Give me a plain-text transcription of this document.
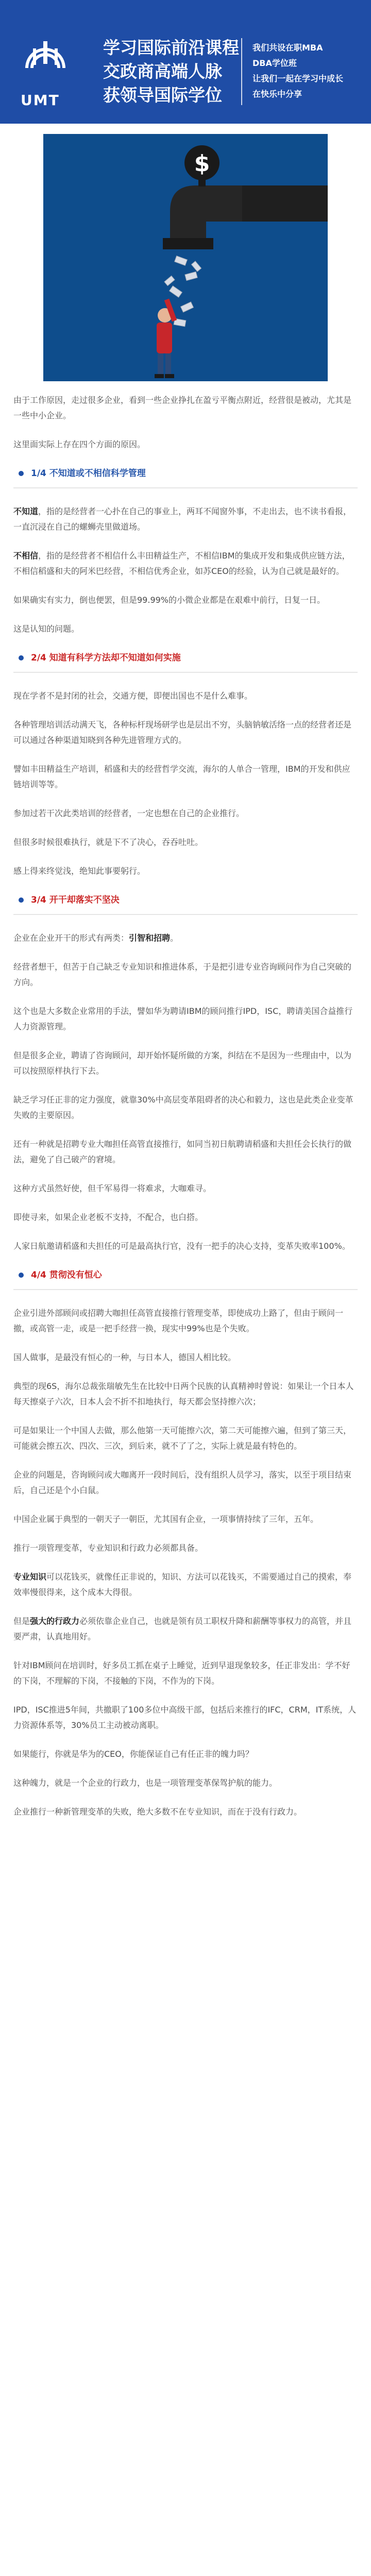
UMT
学习国际前沿课程
交政商高端人脉
获领导国际学位
我们共设在职MBA
DBA学位班
让我们一起在学习中成长
在快乐中分享
$

由于工作原因，走过很多企业，看到一些企业挣扎在盈亏平衡点附近，经营很是被动，尤其是一些中小企业。

这里面实际上存在四个方面的原因。

1/4 不知道或不相信科学管理

不知道，指的是经营者一心扑在自己的事业上，两耳不闻窗外事，不走出去，也不读书看报，一直沉浸在自己的螺蛳壳里做道场。

不相信，指的是经营者不相信什么丰田精益生产，不相信IBM的集成开发和集成供应链方法，不相信稻盛和夫的阿米巴经营，不相信优秀企业，如苏CEO的经验，认为自己就是最好的。

如果确实有实力，倒也便罢，但是99.99%的小微企业都是在艰难中前行，日复一日。

这是认知的问题。

2/4 知道有科学方法却不知道如何实施

现在学者不是封闭的社会，交通方便，即便出国也不是什么难事。

各种管理培训活动满天飞，各种标杆现场研学也是层出不穷，头脑钠敏活络一点的经营者还是可以通过各种渠道知晓到各种先进管理方式的。

譬如丰田精益生产培训，稻盛和夫的经营哲学交流，海尔的人单合一管理，IBM的开发和供应链培训等等。

参加过若干次此类培训的经营者，一定也想在自己的企业推行。

但很多时候很难执行，就是下不了决心，吞吞吐吐。

感上得来终觉浅，绝知此事要躬行。

3/4 开干却落实不坚决

企业在企业开干的形式有两类：引智和招聘。

经营者想干，但苦于自己缺乏专业知识和推进体系，于是把引进专业咨询顾问作为自己突破的方向。

这个也是大多数企业常用的手法，譬如华为聘请IBM的顾问推行IPD，ISC，聘请美国合益推行人力资源管理。

但是很多企业，聘请了咨询顾问，却开始怀疑所做的方案，纠结在不是因为一些理由中，以为可以按照原样执行下去。

缺乏学习任正非的定力强度，就靠30%中高层变革阻碍者的决心和毅力，这也是此类企业变革失败的主要原因。

还有一种就是招聘专业大咖担任高管直接推行，如同当初日航聘请稻盛和夫担任会长执行的做法，避免了自己破产的窘境。

这种方式虽然好使，但千军易得一将难求，大咖难寻。

即使寻来，如果企业老板不支持，不配合，也白搭。

人家日航邀请稻盛和夫担任的可是最高执行官，没有一把手的决心支持，变革失败率100%。

4/4 贯彻没有恒心

企业引进外部顾问或招聘大咖担任高管直接推行管理变革，即使成功上路了，但由于顾问一撤，或高管一走，或是一把手经营一换，现实中99%也是个失败。

国人做事，是最没有恒心的一种，与日本人，德国人相比较。

典型的现6S，海尔总裁张瑞敏先生在比较中日两个民族的认真精神时曾说：如果让一个日本人每天擦桌子六次，日本人会不折不扣地执行，每天都会坚持擦六次；

可是如果让一个中国人去做，那么他第一天可能擦六次，第二天可能擦六遍，但到了第三天，可能就会擦五次、四次、三次，到后来，就不了了之，实际上就是最有特色的。

企业的问题是，咨询顾问或大咖离开一段时间后，没有组织人员学习，落实，以至于项目结束后，自己还是个小白鼠。

中国企业属于典型的一朝天子一朝臣，尤其国有企业，一项事情持续了三年，五年。

推行一项管理变革，专业知识和行政力必须都具备。

专业知识可以花钱买，就像任正非说的，知识、方法可以花钱买，不需要通过自己的摸索，奉效率慢很得来，这个成本大得很。

但是强大的行政力必须依靠企业自己，也就是领有员工职权升降和薪酬等事权力的高管，并且要严肃，认真地用好。

针对IBM顾问在培训时，好多员工抓在桌子上睡觉，近到早退现象较多，任正非发出：学不好的下岗，不理解的下岗，不接触的下岗，不作为的下岗。

IPD，ISC推进5年间，共撤职了100多位中高级干部，包括后来推行的IFC，CRM，IT系统，人力资源体系等，30%员工主动被动离职。

如果能行，你就是华为的CEO，你能保证自己有任正非的魄力吗？

这种魄力，就是一个企业的行政力，也是一项管理变革保驾护航的能力。

企业推行一种新管理变革的失败，绝大多数不在专业知识，而在于没有行政力。
